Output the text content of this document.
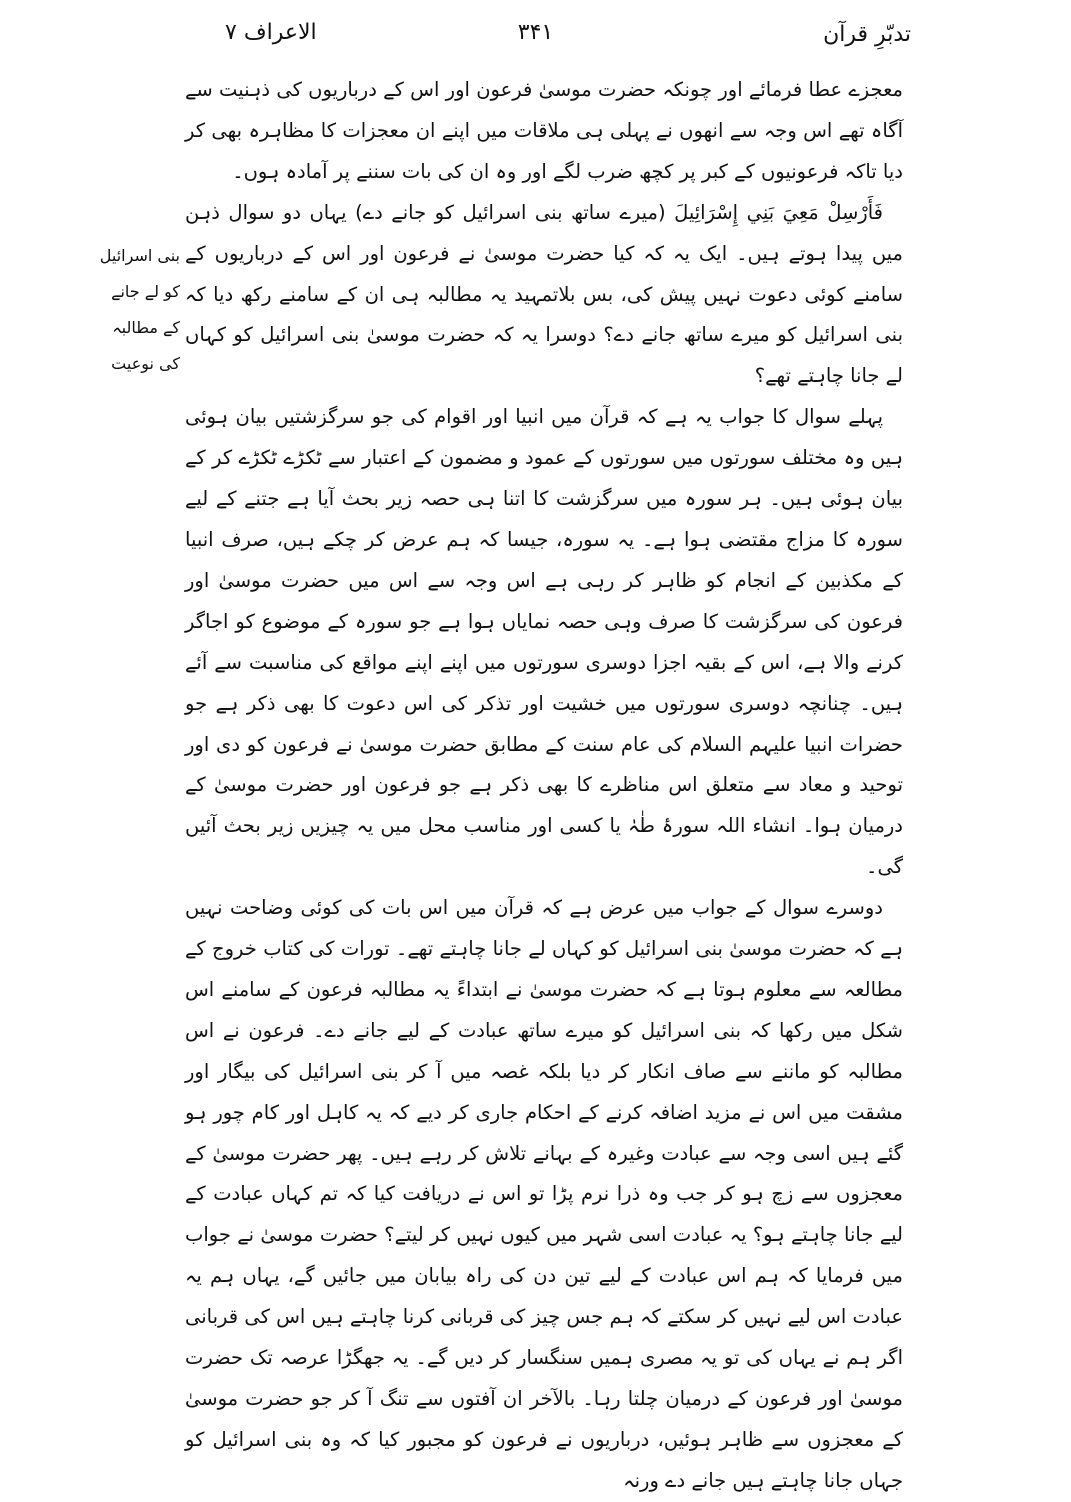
تدبّرِ قرآن
۳۴۱
الاعراف ۷
بنی اسرائیل
کو لے جانے
کے مطالبہ
کی نوعیت

معجزے عطا فرمائے اور چونکہ حضرت موسیٰ فرعون اور اس کے درباریوں کی ذہنیت سے آگاہ تھے اس وجہ سے انھوں نے پہلی ہی ملاقات میں اپنے ان معجزات کا مظاہرہ بھی کر دیا تاکہ فرعونیوں کے کبر پر کچھ ضرب لگے اور وہ ان کی بات سننے پر آمادہ ہوں۔

فَأَرْسِلْ مَعِيَ بَنِي إِسْرَائِيلَ (میرے ساتھ بنی اسرائیل کو جانے دے) یہاں دو سوال ذہن میں پیدا ہوتے ہیں۔ ایک یہ کہ کیا حضرت موسیٰ نے فرعون اور اس کے درباریوں کے سامنے کوئی دعوت نہیں پیش کی، بس بلاتمہید یہ مطالبہ ہی ان کے سامنے رکھ دیا کہ بنی اسرائیل کو میرے ساتھ جانے دے؟ دوسرا یہ کہ حضرت موسیٰ بنی اسرائیل کو کہاں لے جانا چاہتے تھے؟

پہلے سوال کا جواب یہ ہے کہ قرآن میں انبیا اور اقوام کی جو سرگزشتیں بیان ہوئی ہیں وہ مختلف سورتوں میں سورتوں کے عمود و مضمون کے اعتبار سے ٹکڑے ٹکڑے کر کے بیان ہوئی ہیں۔ ہر سورہ میں سرگزشت کا اتنا ہی حصہ زیر بحث آیا ہے جتنے کے لیے سورہ کا مزاج مقتضی ہوا ہے۔ یہ سورہ، جیسا کہ ہم عرض کر چکے ہیں، صرف انبیا کے مکذبین کے انجام کو ظاہر کر رہی ہے اس وجہ سے اس میں حضرت موسیٰ اور فرعون کی سرگزشت کا صرف وہی حصہ نمایاں ہوا ہے جو سورہ کے موضوع کو اجاگر کرنے والا ہے، اس کے بقیہ اجزا دوسری سورتوں میں اپنے اپنے مواقع کی مناسبت سے آئے ہیں۔ چنانچہ دوسری سورتوں میں خشیت اور تذکر کی اس دعوت کا بھی ذکر ہے جو حضرات انبیا علیہم السلام کی عام سنت کے مطابق حضرت موسیٰ نے فرعون کو دی اور توحید و معاد سے متعلق اس مناظرے کا بھی ذکر ہے جو فرعون اور حضرت موسیٰ کے درمیان ہوا۔ انشاء اللہ سورۂ طٰہٰ یا کسی اور مناسب محل میں یہ چیزیں زیر بحث آئیں گی۔

دوسرے سوال کے جواب میں عرض ہے کہ قرآن میں اس بات کی کوئی وضاحت نہیں ہے کہ حضرت موسیٰ بنی اسرائیل کو کہاں لے جانا چاہتے تھے۔ تورات کی کتاب خروج کے مطالعہ سے معلوم ہوتا ہے کہ حضرت موسیٰ نے ابتداءً یہ مطالبہ فرعون کے سامنے اس شکل میں رکھا کہ بنی اسرائیل کو میرے ساتھ عبادت کے لیے جانے دے۔ فرعون نے اس مطالبہ کو ماننے سے صاف انکار کر دیا بلکہ غصہ میں آ کر بنی اسرائیل کی بیگار اور مشقت میں اس نے مزید اضافہ کرنے کے احکام جاری کر دیے کہ یہ کاہل اور کام چور ہو گئے ہیں اسی وجہ سے عبادت وغیرہ کے بہانے تلاش کر رہے ہیں۔ پھر حضرت موسیٰ کے معجزوں سے زچ ہو کر جب وہ ذرا نرم پڑا تو اس نے دریافت کیا کہ تم کہاں عبادت کے لیے جانا چاہتے ہو؟ یہ عبادت اسی شہر میں کیوں نہیں کر لیتے؟ حضرت موسیٰ نے جواب میں فرمایا کہ ہم اس عبادت کے لیے تین دن کی راہ بیابان میں جائیں گے، یہاں ہم یہ عبادت اس لیے نہیں کر سکتے کہ ہم جس چیز کی قربانی کرنا چاہتے ہیں اس کی قربانی اگر ہم نے یہاں کی تو یہ مصری ہمیں سنگسار کر دیں گے۔ یہ جھگڑا عرصہ تک حضرت موسیٰ اور فرعون کے درمیان چلتا رہا۔ بالآخر ان آفتوں سے تنگ آ کر جو حضرت موسیٰ کے معجزوں سے ظاہر ہوئیں، درباریوں نے فرعون کو مجبور کیا کہ وہ بنی اسرائیل کو جہاں جانا چاہتے ہیں جانے دے ورنہ
